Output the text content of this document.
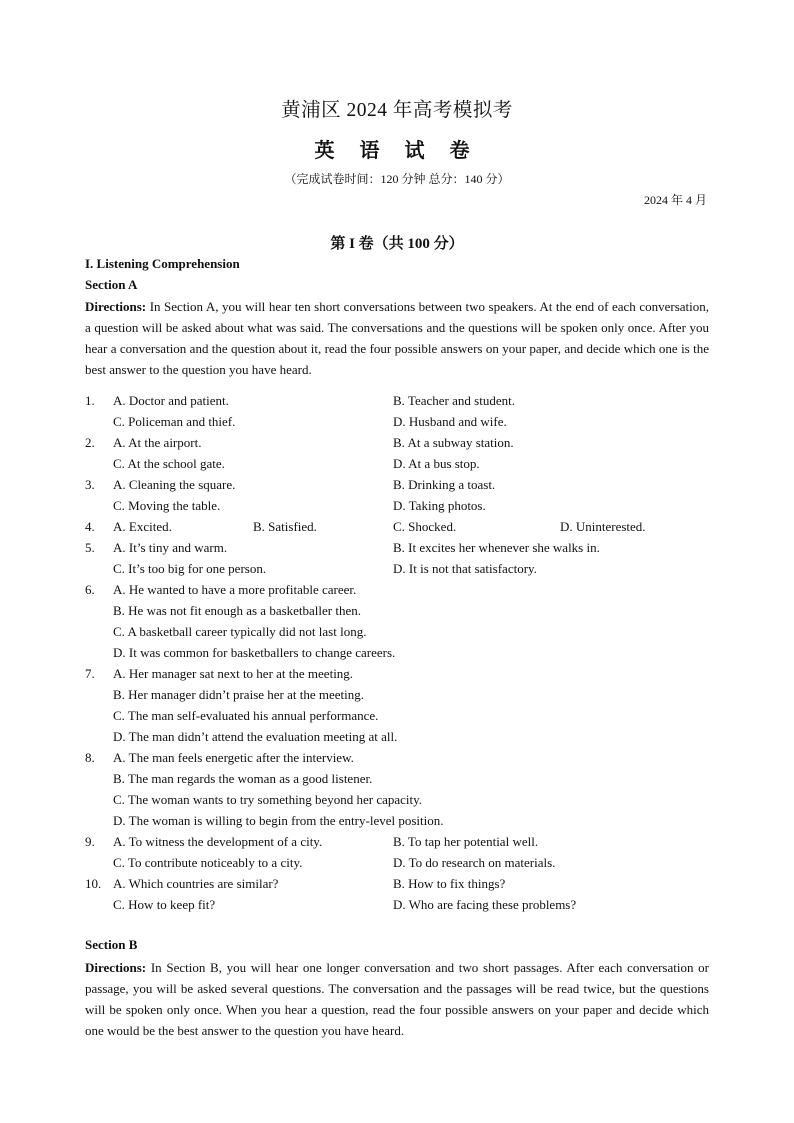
黄浦区 2024 年高考模拟考
英 语 试 卷
（完成试卷时间：120 分钟 总分：140 分）
2024 年 4 月
第 I 卷（共 100 分）
I. Listening Comprehension
Section A
Directions: In Section A, you will hear ten short conversations between two speakers. At the end of each conversation, a question will be asked about what was said. The conversations and the questions will be spoken only once. After you hear a conversation and the question about it, read the four possible answers on your paper, and decide which one is the best answer to the question you have heard.
1. A. Doctor and patient.	B. Teacher and student.
C. Policeman and thief.	D. Husband and wife.
2. A. At the airport.	B. At a subway station.
C. At the school gate.	D. At a bus stop.
3. A. Cleaning the square.	B. Drinking a toast.
C. Moving the table.	D. Taking photos.
4. A. Excited.	B. Satisfied.	C. Shocked.	D. Uninterested.
5. A. It’s tiny and warm.	B. It excites her whenever she walks in.
C. It’s too big for one person.	D. It is not that satisfactory.
6. A. He wanted to have a more profitable career.
B. He was not fit enough as a basketballer then.
C. A basketball career typically did not last long.
D. It was common for basketballers to change careers.
7. A. Her manager sat next to her at the meeting.
B. Her manager didn’t praise her at the meeting.
C. The man self-evaluated his annual performance.
D. The man didn’t attend the evaluation meeting at all.
8. A. The man feels energetic after the interview.
B. The man regards the woman as a good listener.
C. The woman wants to try something beyond her capacity.
D. The woman is willing to begin from the entry-level position.
9. A. To witness the development of a city.	B. To tap her potential well.
C. To contribute noticeably to a city.	D. To do research on materials.
10. A. Which countries are similar?	B. How to fix things?
C. How to keep fit?	D. Who are facing these problems?
Section B
Directions: In Section B, you will hear one longer conversation and two short passages. After each conversation or passage, you will be asked several questions. The conversation and the passages will be read twice, but the questions will be spoken only once. When you hear a question, read the four possible answers on your paper and decide which one would be the best answer to the question you have heard.
